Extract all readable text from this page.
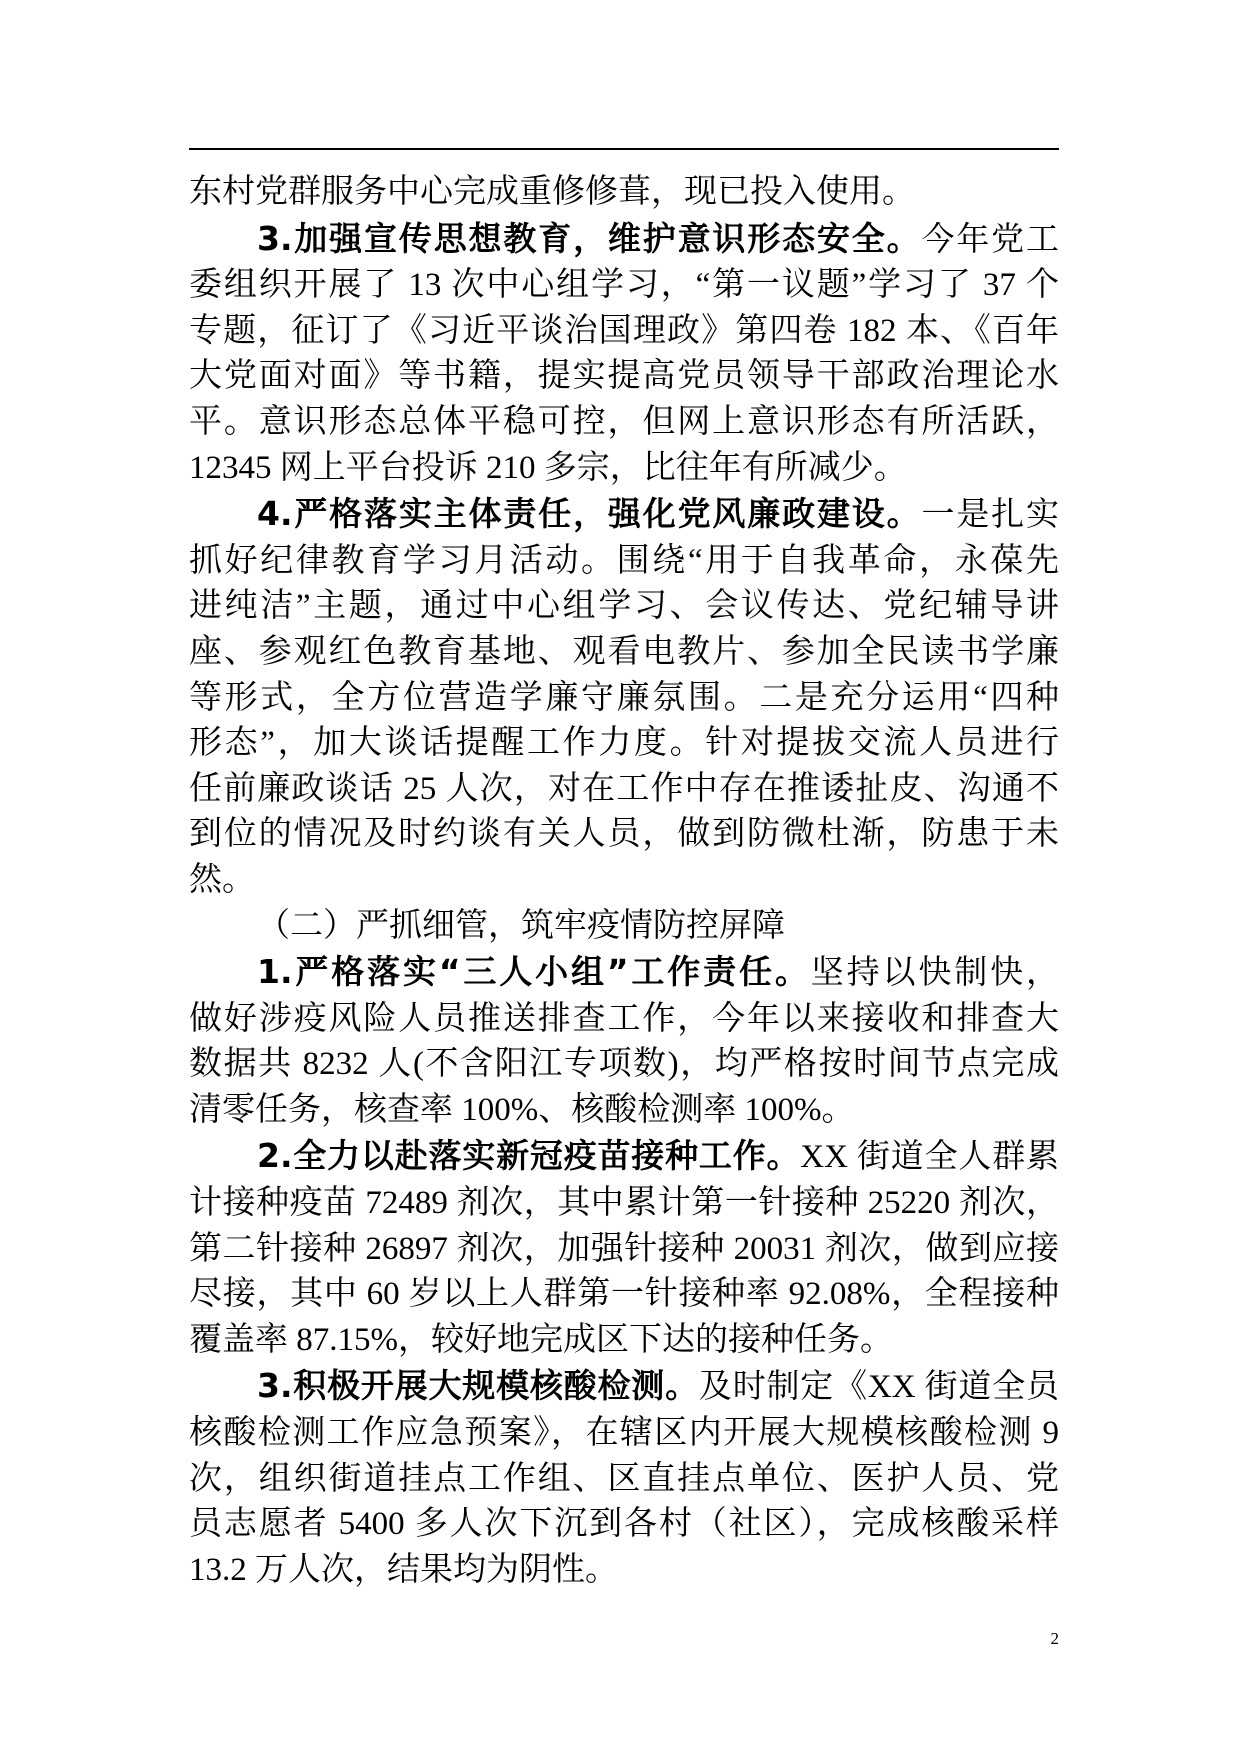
东村党群服务中心完成重修修葺，现已投入使用。
3.加强宣传思想教育，维护意识形态安全。今年党工
委组织开展了 13 次中心组学习，“第一议题”学习了 37 个
专题，征订了《习近平谈治国理政》第四卷 182 本、《百年
大党面对面》等书籍，提实提高党员领导干部政治理论水
平。意识形态总体平稳可控，但网上意识形态有所活跃，
12345 网上平台投诉 210 多宗，比往年有所减少。
4.严格落实主体责任，强化党风廉政建设。一是扎实
抓好纪律教育学习月活动。围绕“用于自我革命，永葆先
进纯洁”主题，通过中心组学习、会议传达、党纪辅导讲
座、参观红色教育基地、观看电教片、参加全民读书学廉
等形式，全方位营造学廉守廉氛围。二是充分运用“四种
形态”，加大谈话提醒工作力度。针对提拔交流人员进行
任前廉政谈话 25 人次，对在工作中存在推诿扯皮、沟通不
到位的情况及时约谈有关人员，做到防微杜渐，防患于未
然。
（二）严抓细管，筑牢疫情防控屏障
1.严格落实“三人小组”工作责任。坚持以快制快，
做好涉疫风险人员推送排查工作，今年以来接收和排查大
数据共 8232 人(不含阳江专项数)，均严格按时间节点完成
清零任务，核查率 100%、核酸检测率 100%。
2.全力以赴落实新冠疫苗接种工作。XX 街道全人群累
计接种疫苗 72489 剂次，其中累计第一针接种 25220 剂次，
第二针接种 26897 剂次，加强针接种 20031 剂次，做到应接
尽接，其中 60 岁以上人群第一针接种率 92.08%，全程接种
覆盖率 87.15%，较好地完成区下达的接种任务。
3.积极开展大规模核酸检测。及时制定《XX 街道全员
核酸检测工作应急预案》，在辖区内开展大规模核酸检测 9
次，组织街道挂点工作组、区直挂点单位、医护人员、党
员志愿者 5400 多人次下沉到各村（社区），完成核酸采样
13.2 万人次，结果均为阴性。
2
